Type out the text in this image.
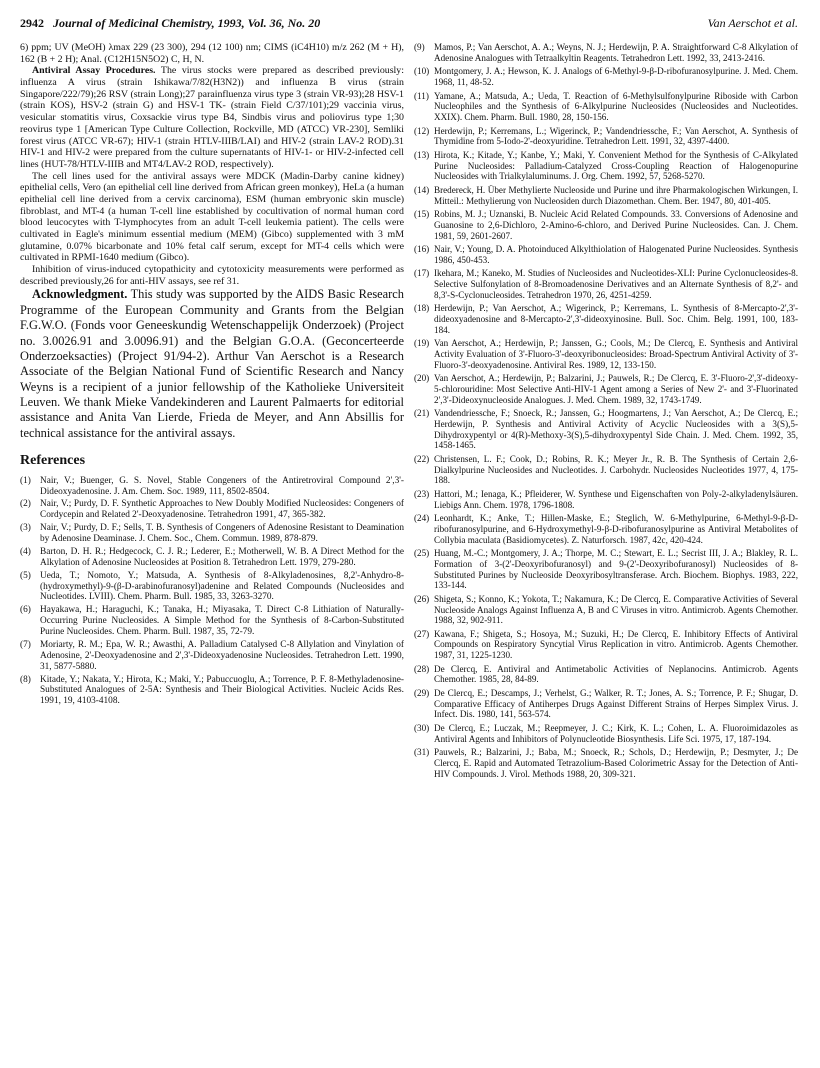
2942 Journal of Medicinal Chemistry, 1993, Vol. 36, No. 20	Van Aerschot et al.

6) ppm; UV (MeOH) λmax 229 (23 300), 294 (12 100) nm; CIMS (iC4H10) m/z 262 (M + H), 162 (B + 2 H); Anal. (C12H15N5O2) C, H, N.

Antiviral Assay Procedures. The virus stocks were prepared as described previously: influenza A virus (strain Ishikawa/7/82(H3N2)) and influenza B virus (strain Singapore/222/79);26 RSV (strain Long);27 parainfluenza virus type 3 (strain VR-93);28 HSV-1 (strain KOS), HSV-2 (strain G) and HSV-1 TK- (strain Field C/37/101);29 vaccinia virus, vesicular stomatitis virus, Coxsackie virus type B4, Sindbis virus and poliovirus type 1;30 reovirus type 1 [American Type Culture Collection, Rockville, MD (ATCC) VR-230], Semliki forest virus (ATCC VR-67); HIV-1 (strain HTLV-IIIB/LAI) and HIV-2 (strain LAV-2 ROD).31 HIV-1 and HIV-2 were prepared from the culture supernatants of HIV-1- or HIV-2-infected cell lines (HUT-78/HTLV-IIIB and MT4/LAV-2 ROD, respectively).

The cell lines used for the antiviral assays were MDCK (Madin-Darby canine kidney) epithelial cells, Vero (an epithelial cell line derived from African green monkey), HeLa (a human epithelial cell line derived from a cervix carcinoma), ESM (human embryonic skin muscle) fibroblast, and MT-4 (a human T-cell line established by cocultivation of normal human cord blood leucocytes with T-lymphocytes from an adult T-cell leukemia patient). The cells were cultivated in Eagle's minimum essential medium (MEM) (Gibco) supplemented with 3 mM glutamine, 0.07% bicarbonate and 10% fetal calf serum, except for MT-4 cells which were cultivated in RPMI-1640 medium (Gibco).

Inhibition of virus-induced cytopathicity and cytotoxicity measurements were performed as described previously,26 for anti-HIV assays, see ref 31.

Acknowledgment. This study was supported by the AIDS Basic Research Programme of the European Community and Grants from the Belgian F.G.W.O. (Fonds voor Geneeskundig Wetenschappelijk Onderzoek) (Project no. 3.0026.91 and 3.0096.91) and the Belgian G.O.A. (Geconcerteerde Onderzoeksacties) (Project 91/94-2). Arthur Van Aerschot is a Research Associate of the Belgian National Fund of Scientific Research and Nancy Weyns is a recipient of a junior fellowship of the Katholieke Universiteit Leuven. We thank Mieke Vandekinderen and Laurent Palmaerts for editorial assistance and Anita Van Lierde, Frieda de Meyer, and Ann Absillis for technical assistance for the antiviral assays.

References
(1) Nair, V.; Buenger, G. S. Novel, Stable Congeners of the Antiretroviral Compound 2',3'-Dideoxyadenosine. J. Am. Chem. Soc. 1989, 111, 8502-8504.
(2) Nair, V.; Purdy, D. F. Synthetic Approaches to New Doubly Modified Nucleosides: Congeners of Cordycepin and Related 2'-Deoxyadenosine. Tetrahedron 1991, 47, 365-382.
(3) Nair, V.; Purdy, D. F.; Sells, T. B. Synthesis of Congeners of Adenosine Resistant to Deamination by Adenosine Deaminase. J. Chem. Soc., Chem. Commun. 1989, 878-879.
(4) Barton, D. H. R.; Hedgecock, C. J. R.; Lederer, E.; Motherwell, W. B. A Direct Method for the Alkylation of Adenosine Nucleosides at Position 8. Tetrahedron Lett. 1979, 279-280.
(5) Ueda, T.; Nomoto, Y.; Matsuda, A. Synthesis of 8-Alkyladenosines, 8,2'-Anhydro-8-(hydroxymethyl)-9-(β-D-arabinofuranosyl)adenine and Related Compounds (Nucleosides and Nucleotides. LVIII). Chem. Pharm. Bull. 1985, 33, 3263-3270.
(6) Hayakawa, H.; Haraguchi, K.; Tanaka, H.; Miyasaka, T. Direct C-8 Lithiation of Naturally-Occurring Purine Nucleosides. A Simple Method for the Synthesis of 8-Carbon-Substituted Purine Nucleosides. Chem. Pharm. Bull. 1987, 35, 72-79.
(7) Moriarty, R. M.; Epa, W. R.; Awasthi, A. Palladium Catalysed C-8 Allylation and Vinylation of Adenosine, 2'-Deoxyadenosine and 2',3'-Dideoxyadenosine Nucleosides. Tetrahedron Lett. 1990, 31, 5877-5880.
(8) Kitade, Y.; Nakata, Y.; Hirota, K.; Maki, Y.; Pabuccuoglu, A.; Torrence, P. F. 8-Methyladenosine-Substituted Analogues of 2-5A: Synthesis and Their Biological Activities. Nucleic Acids Res. 1991, 19, 4103-4108.
(9)	Mamos, P.; Van Aerschot, A. A.; Weyns, N. J.; Herdewijn, P. A. Straightforward C-8 Alkylation of Adenosine Analogues with Tetraalkyltin Reagents. Tetrahedron Lett. 1992, 33, 2413-2416.
(10) Montgomery, J. A.; Hewson, K. J. Analogs of 6-Methyl-9-β-D-ribofuranosylpurine. J. Med. Chem. 1968, 11, 48-52.
(11) Yamane, A.; Matsuda, A.; Ueda, T. Reaction of 6-Methylsulfonylpurine Riboside with Carbon Nucleophiles and the Synthesis of 6-Alkylpurine Nucleosides (Nucleosides and Nucleotides. XXIX). Chem. Pharm. Bull. 1980, 28, 150-156.
(12) Herdewijn, P.; Kerremans, L.; Wigerinck, P.; Vandendriessche, F.; Van Aerschot, A. Synthesis of Thymidine from 5-Iodo-2'-deoxyuridine. Tetrahedron Lett. 1991, 32, 4397-4400.
(13) Hirota, K.; Kitade, Y.; Kanbe, Y.; Maki, Y. Convenient Method for the Synthesis of C-Alkylated Purine Nucleosides: Palladium-Catalyzed Cross-Coupling Reaction of Halogenopurine Nucleosides with Trialkylaluminums. J. Org. Chem. 1992, 57, 5268-5270.
(14) Bredereck, H. Über Methylierte Nucleoside und Purine und ihre Pharmakologischen Wirkungen, I. Mitteil.: Methylierung von Nucleosiden durch Diazomethan. Chem. Ber. 1947, 80, 401-405.
(15) Robins, M. J.; Uznanski, B. Nucleic Acid Related Compounds. 33. Conversions of Adenosine and Guanosine to 2,6-Dichloro, 2-Amino-6-chloro, and Derived Purine Nucleosides. Can. J. Chem. 1981, 59, 2601-2607.
(16) Nair, V.; Young, D. A. Photoinduced Alkylthiolation of Halogenated Purine Nucleosides. Synthesis 1986, 450-453.
(17) Ikehara, M.; Kaneko, M. Studies of Nucleosides and Nucleotides-XLI: Purine Cyclonucleosides-8. Selective Sulfonylation of 8-Bromoadenosine Derivatives and an Alternate Synthesis of 8,2'- and 8,3'-S-Cyclonucleosides. Tetrahedron 1970, 26, 4251-4259.
(18) Herdewijn, P.; Van Aerschot, A.; Wigerinck, P.; Kerremans, L. Synthesis of 8-Mercapto-2',3'-dideoxyadenosine and 8-Mercapto-2',3'-dideoxyinosine. Bull. Soc. Chim. Belg. 1991, 100, 183-184.
(19) Van Aerschot, A.; Herdewijn, P.; Janssen, G.; Cools, M.; De Clercq, E. Synthesis and Antiviral Activity Evaluation of 3'-Fluoro-3'-deoxyribonucleosides: Broad-Spectrum Antiviral Activity of 3'-Fluoro-3'-deoxyadenosine. Antiviral Res. 1989, 12, 133-150.
(20) Van Aerschot, A.; Herdewijn, P.; Balzarini, J.; Pauwels, R.; De Clercq, E. 3'-Fluoro-2',3'-dideoxy-5-chlorouridine: Most Selective Anti-HIV-1 Agent among a Series of New 2'- and 3'-Fluorinated 2',3'-Dideoxynucleoside Analogues. J. Med. Chem. 1989, 32, 1743-1749.
(21) Vandendriessche, F.; Snoeck, R.; Janssen, G.; Hoogmartens, J.; Van Aerschot, A.; De Clercq, E.; Herdewijn, P. Synthesis and Antiviral Activity of Acyclic Nucleosides with a 3(S),5-Dihydroxypentyl or 4(R)-Methoxy-3(S),5-dihydroxypentyl Side Chain. J. Med. Chem. 1992, 35, 1458-1465.
(22) Christensen, L. F.; Cook, D.; Robins, R. K.; Meyer Jr., R. B. The Synthesis of Certain 2,6-Dialkylpurine Nucleosides and Nucleotides. J. Carbohydr. Nucleosides Nucleotides 1977, 4, 175-188.
(23) Hattori, M.; Ienaga, K.; Pfleiderer, W. Synthese und Eigenschaften von Poly-2-alkyladenylsäuren. Liebigs Ann. Chem. 1978, 1796-1808.
(24) Leonhardt, K.; Anke, T.; Hillen-Maske, E.; Steglich, W. 6-Methylpurine, 6-Methyl-9-β-D-ribofuranosylpurine, and 6-Hydroxymethyl-9-β-D-ribofuranosylpurine as Antiviral Metabolites of Collybia maculata (Basidiomycetes). Z. Naturforsch. 1987, 42c, 420-424.
(25) Huang, M.-C.; Montgomery, J. A.; Thorpe, M. C.; Stewart, E. L.; Secrist III, J. A.; Blakley, R. L. Formation of 3-(2'-Deoxyribofuranosyl) and 9-(2'-Deoxyribofuranosyl) Nucleosides of 8-Substituted Purines by Nucleoside Deoxyribosyltransferase. Arch. Biochem. Biophys. 1983, 222, 133-144.
(26) Shigeta, S.; Konno, K.; Yokota, T.; Nakamura, K.; De Clercq, E. Comparative Activities of Several Nucleoside Analogs Against Influenza A, B and C Viruses in vitro. Antimicrob. Agents Chemother. 1988, 32, 902-911.
(27) Kawana, F.; Shigeta, S.; Hosoya, M.; Suzuki, H.; De Clercq, E. Inhibitory Effects of Antiviral Compounds on Respiratory Syncytial Virus Replication in vitro. Antimicrob. Agents Chemother. 1987, 31, 1225-1230.
(28) De Clercq, E. Antiviral and Antimetabolic Activities of Neplanocins. Antimicrob. Agents Chemother. 1985, 28, 84-89.
(29) De Clercq, E.; Descamps, J.; Verhelst, G.; Walker, R. T.; Jones, A. S.; Torrence, P. F.; Shugar, D. Comparative Efficacy of Antiherpes Drugs Against Different Strains of Herpes Simplex Virus. J. Infect. Dis. 1980, 141, 563-574.
(30) De Clercq, E.; Luczak, M.; Reepmeyer, J. C.; Kirk, K. L.; Cohen, L. A. Fluoroimidazoles as Antiviral Agents and Inhibitors of Polynucleotide Biosynthesis. Life Sci. 1975, 17, 187-194.
(31) Pauwels, R.; Balzarini, J.; Baba, M.; Snoeck, R.; Schols, D.; Herdewijn, P.; Desmyter, J.; De Clercq, E. Rapid and Automated Tetrazolium-Based Colorimetric Assay for the Detection of Anti-HIV Compounds. J. Virol. Methods 1988, 20, 309-321.
